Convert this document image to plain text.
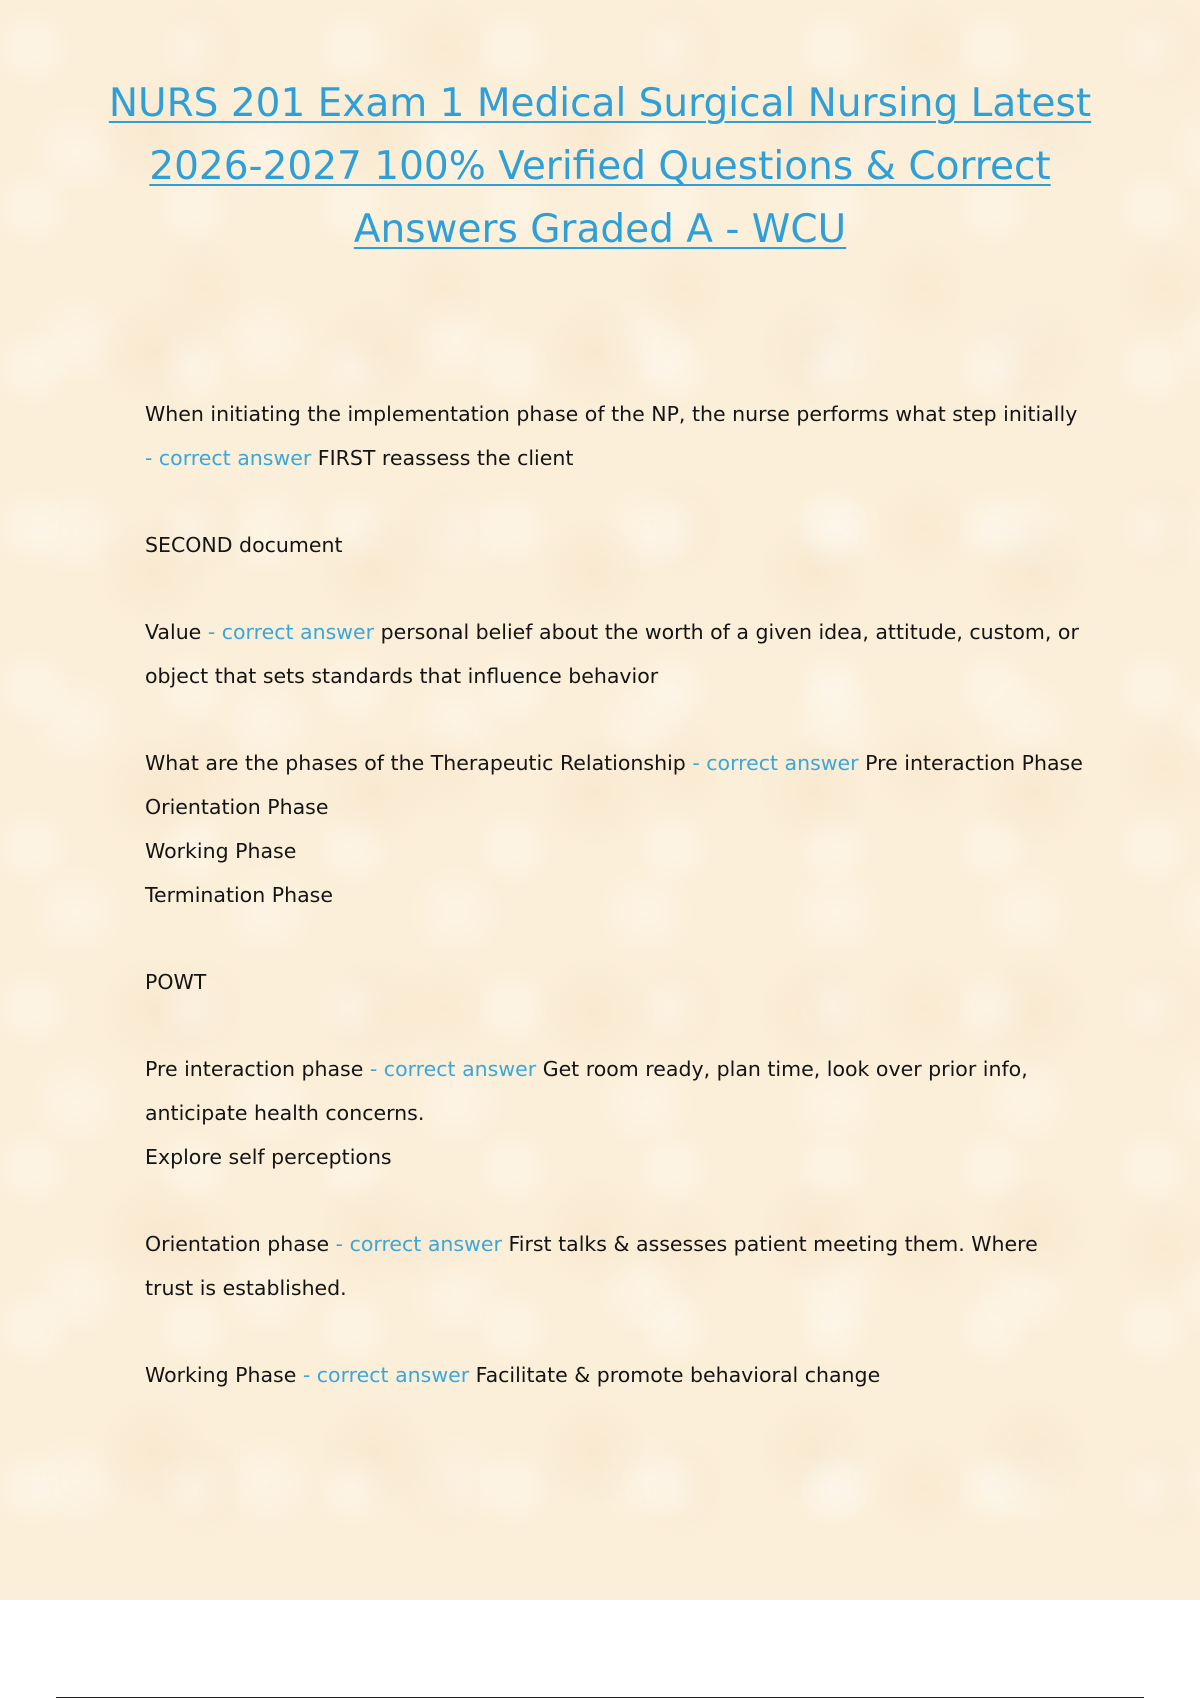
NURS 201 Exam 1 Medical Surgical Nursing Latest 2026-2027 100% Verified Questions & Correct Answers Graded A - WCU

When initiating the implementation phase of the NP, the nurse performs what step initially - correct answer FIRST reassess the client

SECOND document

Value - correct answer personal belief about the worth of a given idea, attitude, custom, or object that sets standards that influence behavior

What are the phases of the Therapeutic Relationship - correct answer Pre interaction Phase
Orientation Phase
Working Phase
Termination Phase

POWT

Pre interaction phase - correct answer Get room ready, plan time, look over prior info, anticipate health concerns.
Explore self perceptions

Orientation phase - correct answer First talks & assesses patient meeting them. Where trust is established.

Working Phase - correct answer Facilitate & promote behavioral change
